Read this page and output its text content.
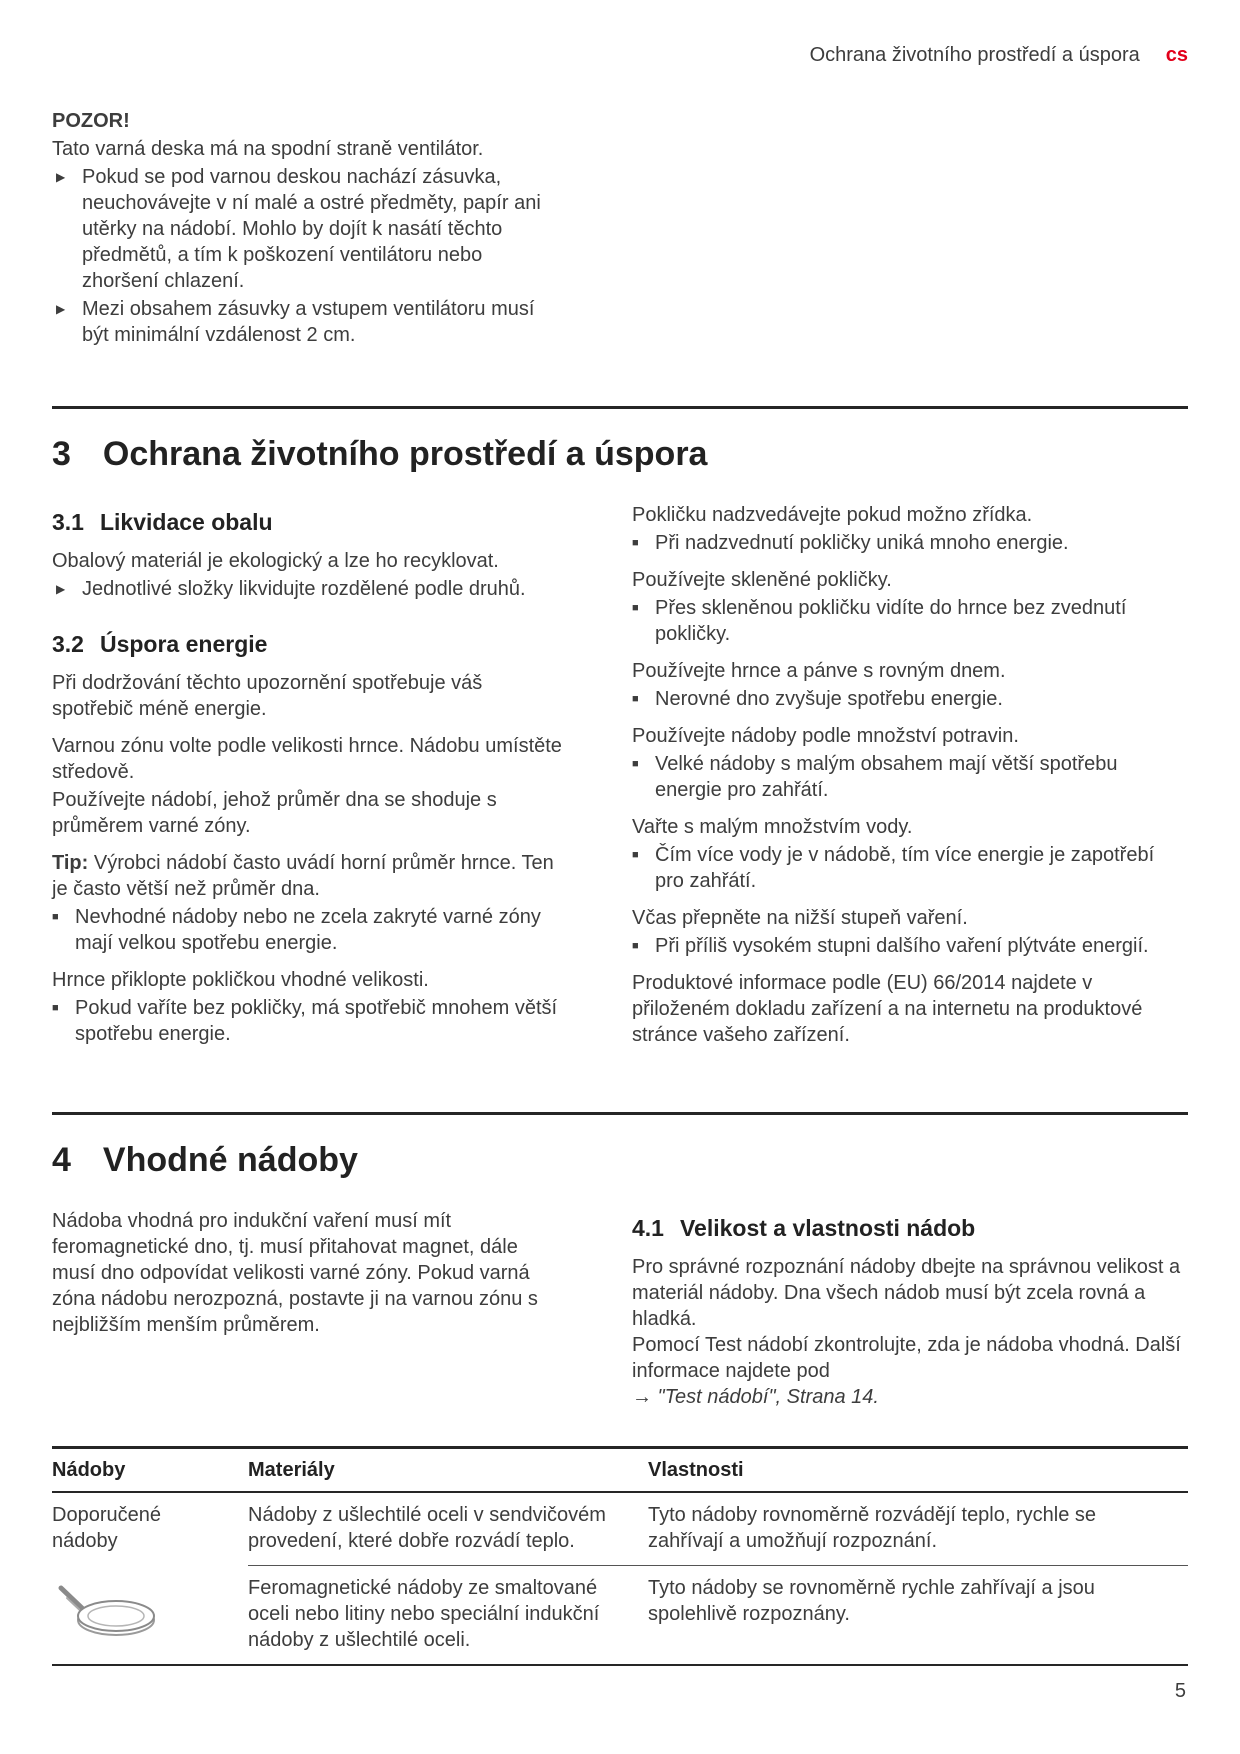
Ochrana životního prostředí a úspora cs

POZOR!

Tato varná deska má na spodní straně ventilátor.

▶ Pokud se pod varnou deskou nachází zásuvka, neuchovávejte v ní malé a ostré předměty, papír ani utěrky na nádobí. Mohlo by dojít k nasátí těchto předmětů, a tím k poškození ventilátoru nebo zhoršení chlazení.
▶ Mezi obsahem zásuvky a vstupem ventilátoru musí být minimální vzdálenost 2 cm.
3 Ochrana životního prostředí a úspora
3.1 Likvidace obalu

Obalový materiál je ekologický a lze ho recyklovat.

▶ Jednotlivé složky likvidujte rozdělené podle druhů.
3.2 Úspora energie

Při dodržování těchto upozornění spotřebuje váš spotřebič méně energie.

Varnou zónu volte podle velikosti hrnce. Nádobu umístěte středově.

Používejte nádobí, jehož průměr dna se shoduje s průměrem varné zóny.

Tip: Výrobci nádobí často uvádí horní průměr hrnce. Ten je často větší než průměr dna.

■ Nevhodné nádoby nebo ne zcela zakryté varné zóny mají velkou spotřebu energie.

Hrnce přiklopte pokličkou vhodné velikosti.

■ Pokud vaříte bez pokličky, má spotřebič mnohem větší spotřebu energie.

Pokličku nadzvedávejte pokud možno zřídka.

■ Při nadzvednutí pokličky uniká mnoho energie.

Používejte skleněné pokličky.

■ Přes skleněnou pokličku vidíte do hrnce bez zvednutí pokličky.

Používejte hrnce a pánve s rovným dnem.

■ Nerovné dno zvyšuje spotřebu energie.

Používejte nádoby podle množství potravin.

■ Velké nádoby s malým obsahem mají větší spotřebu energie pro zahřátí.

Vařte s malým množstvím vody.

■ Čím více vody je v nádobě, tím více energie je zapotřebí pro zahřátí.

Včas přepněte na nižší stupeň vaření.

■ Při příliš vysokém stupni dalšího vaření plýtváte energií.

Produktové informace podle (EU) 66/2014 najdete v přiloženém dokladu zařízení a na internetu na produktové stránce vašeho zařízení.

4 Vhodné nádoby

Nádoba vhodná pro indukční vaření musí mít feromagnetické dno, tj. musí přitahovat magnet, dále musí dno odpovídat velikosti varné zóny. Pokud varná zóna nádobu nerozpozná, postavte ji na varnou zónu s nejbližším menším průměrem.

4.1 Velikost a vlastnosti nádob

Pro správné rozpoznání nádoby dbejte na správnou velikost a materiál nádoby. Dna všech nádob musí být zcela rovná a hladká.

Pomocí Test nádobí zkontrolujte, zda je nádoba vhodná. Další informace najdete pod

→ "Test nádobí", Strana 14.

Nádoby	Materiály	Vlastnosti

Doporučené nádoby	Nádoby z ušlechtilé oceli v sendvičovém provedení, které dobře rozvádí teplo.	Tyto nádoby rovnoměrně rozvádějí teplo, rychle se zahřívají a umožňují rozpoznání.
	Feromagnetické nádoby ze smaltované oceli nebo litiny nebo speciální indukční nádoby z ušlechtilé oceli.	Tyto nádoby se rovnoměrně rychle zahřívají a jsou spolehlivě rozpoznány.
5
